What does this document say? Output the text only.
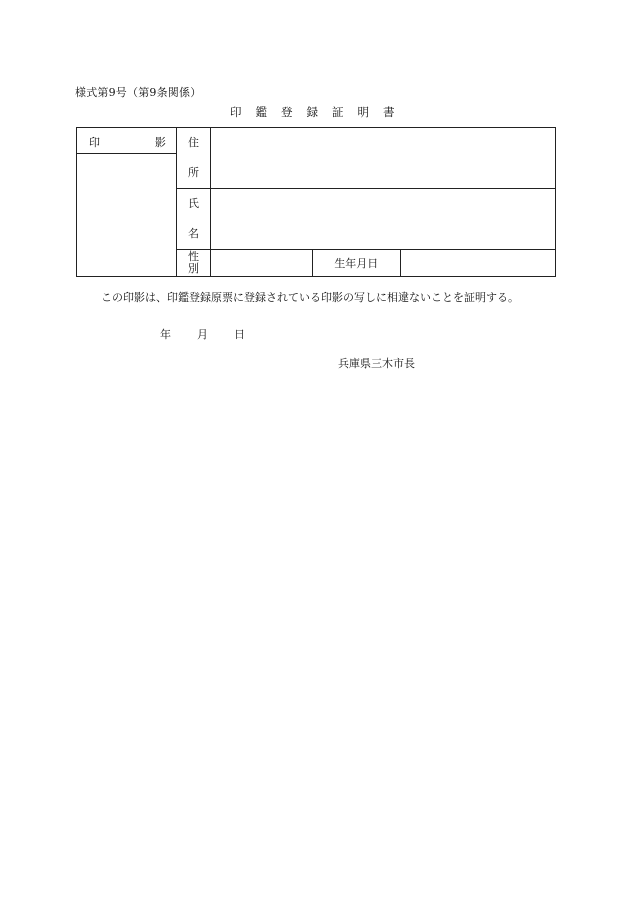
様式第9号（第9条関係）
印 鑑 登 録 証 明 書
印 影	住
所			

	氏
名			

	性
別		生年月日	
この印影は、印鑑登録原票に登録されている印影の写しに相違ないことを証明する。
年 月 日
兵庫県三木市長
